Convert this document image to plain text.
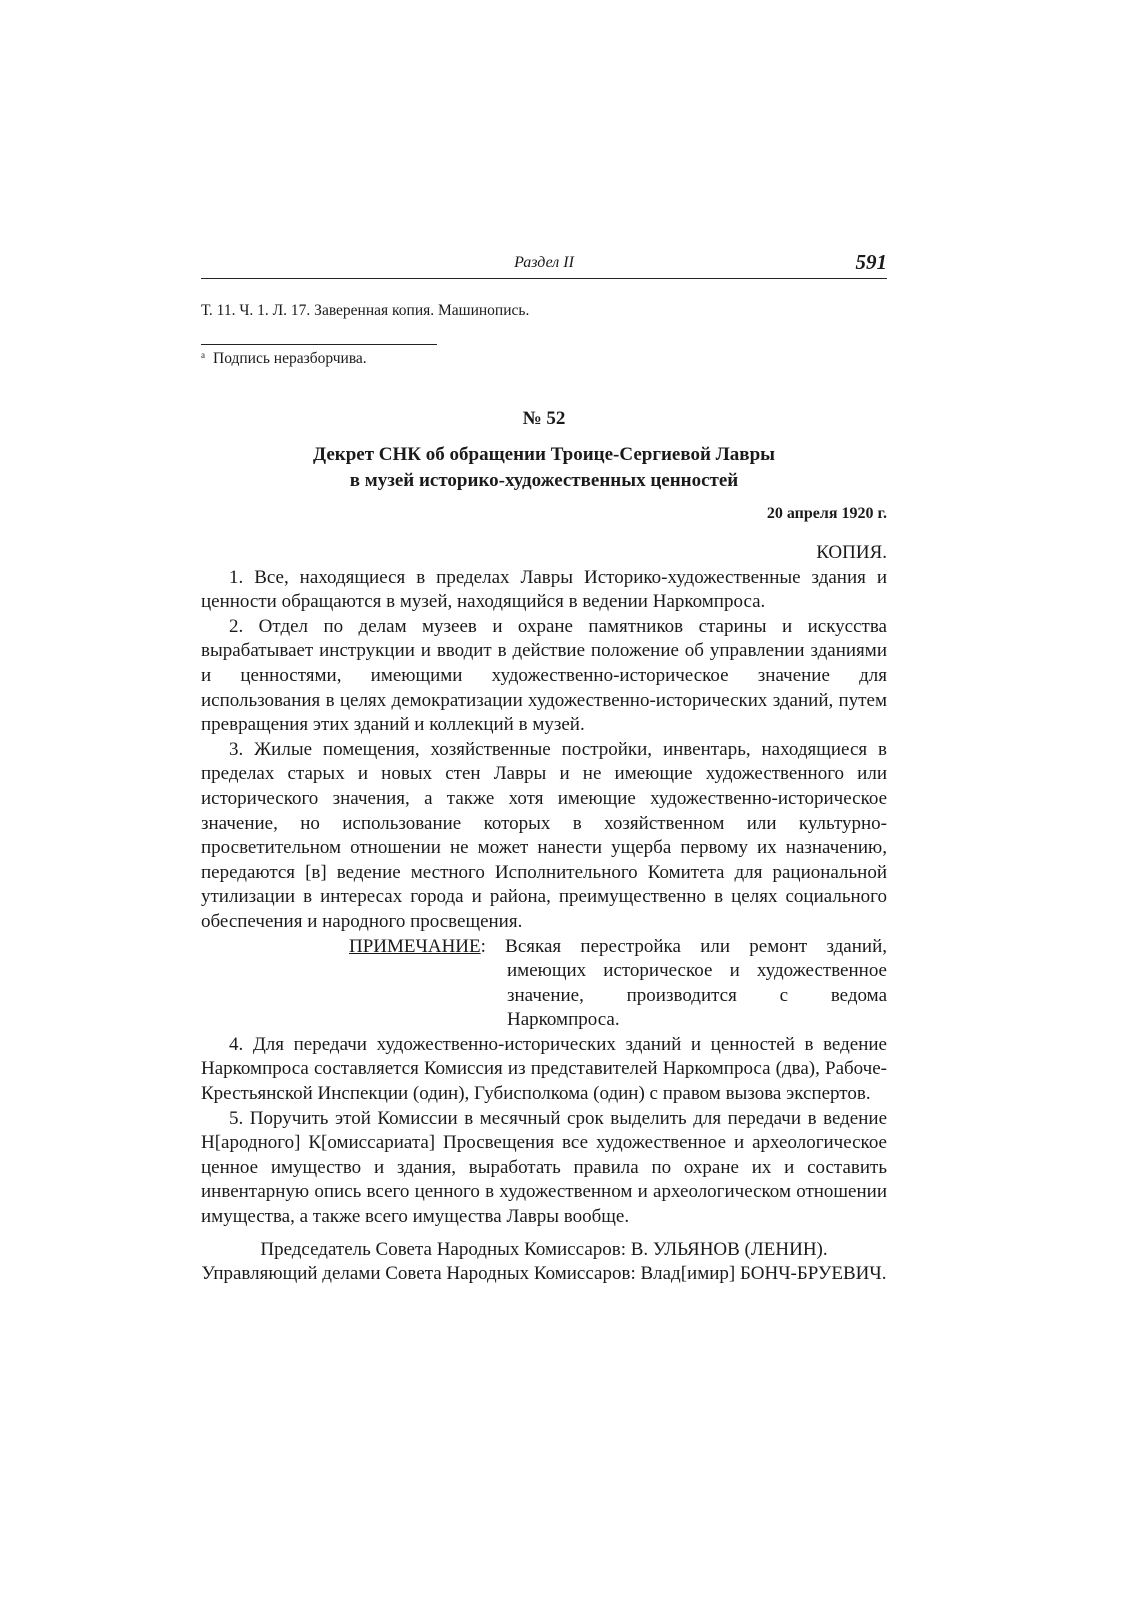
Раздел II	591
Т. 11. Ч. 1. Л. 17. Заверенная копия. Машинопись.
$^а$ Подпись неразборчива.
№ 52
Декрет СНК об обращении Троице-Сергиевой Лавры
в музей историко-художественных ценностей
20 апреля 1920 г.
КОПИЯ.

1. Все, находящиеся в пределах Лавры Историко-художественные здания и ценности обращаются в музей, находящийся в ведении Наркомпроса.

2. Отдел по делам музеев и охране памятников старины и искусства вырабатывает инструкции и вводит в действие положение об управлении зданиями и ценностями, имеющими художественно-историческое значение для использования в целях демократизации художественно-исторических зданий, путем превращения этих зданий и коллекций в музей.

3. Жилые помещения, хозяйственные постройки, инвентарь, находящиеся в пределах старых и новых стен Лавры и не имеющие художественного или исторического значения, а также хотя имеющие художественно-историческое значение, но использование которых в хозяйственном или культурно-просветительном отношении не может нанести ущерба первому их назначению, передаются [в] ведение местного Исполнительного Комитета для рациональной утилизации в интересах города и района, преимущественно в целях социального обеспечения и народного просвещения.

ПРИМЕЧАНИЕ: Всякая перестройка или ремонт зданий, имеющих историческое и художественное значение, производится с ведома Наркомпроса.

4. Для передачи художественно-исторических зданий и ценностей в ведение Наркомпроса составляется Комиссия из представителей Наркомпроса (два), Рабоче-Крестьянской Инспекции (один), Губисполкома (один) с правом вызова экспертов.

5. Поручить этой Комиссии в месячный срок выделить для передачи в ведение Н[ародного] К[омиссариата] Просвещения все художественное и археологическое ценное имущество и здания, выработать правила по охране их и составить инвентарную опись всего ценного в художественном и археологическом отношении имущества, а также всего имущества Лавры вообще.

Председатель Совета Народных Комиссаров: В. УЛЬЯНОВ (ЛЕНИН).

Управляющий делами Совета Народных Комиссаров: Влад[имир] БОНЧ-БРУЕВИЧ.
